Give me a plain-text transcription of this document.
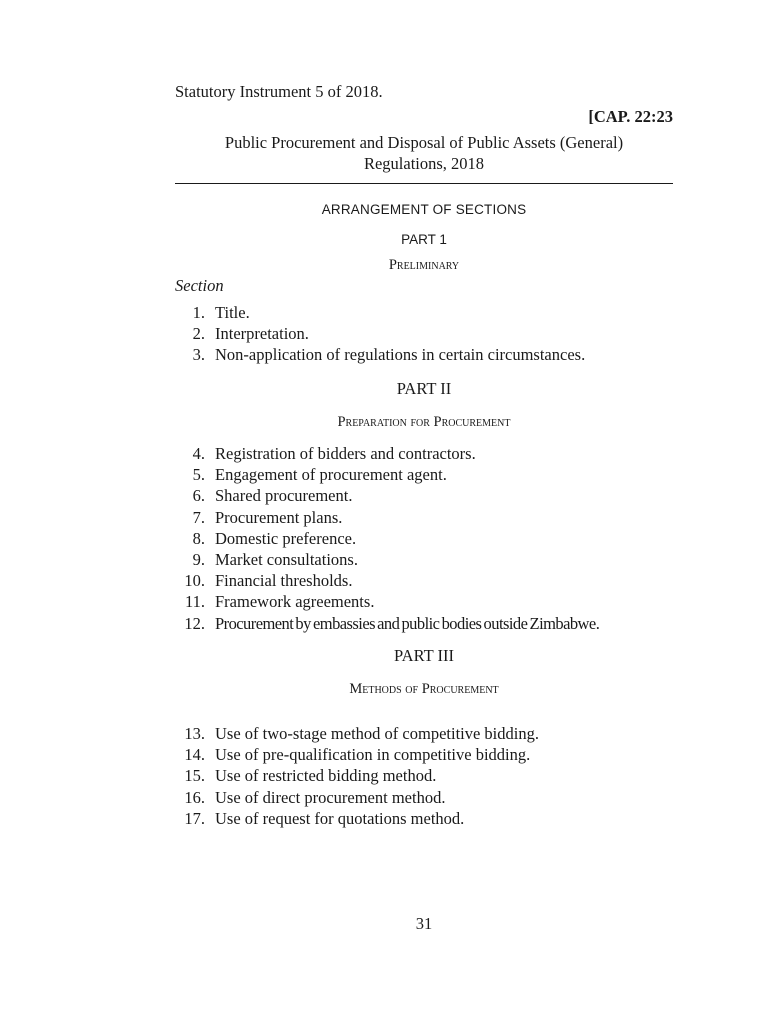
Statutory Instrument 5 of 2018.
[CAP. 22:23
Public Procurement and Disposal of Public Assets (General)
Regulations, 2018
ARRANGEMENT OF SECTIONS
PART 1
Preliminary
Section
1. Title.
2. Interpretation.
3. Non-application of regulations in certain circumstances.
PART II
Preparation for Procurement
4. Registration of bidders and contractors.
5. Engagement of procurement agent.
6. Shared procurement.
7. Procurement plans.
8. Domestic preference.
9. Market consultations.
10. Financial thresholds.
11. Framework agreements.
12. Procurement by embassies and public bodies outside Zimbabwe.
PART III
Methods of Procurement
13. Use of two-stage method of competitive bidding.
14. Use of pre-qualification in competitive bidding.
15. Use of restricted bidding method.
16. Use of direct procurement method.
17. Use of request for quotations method.
31
